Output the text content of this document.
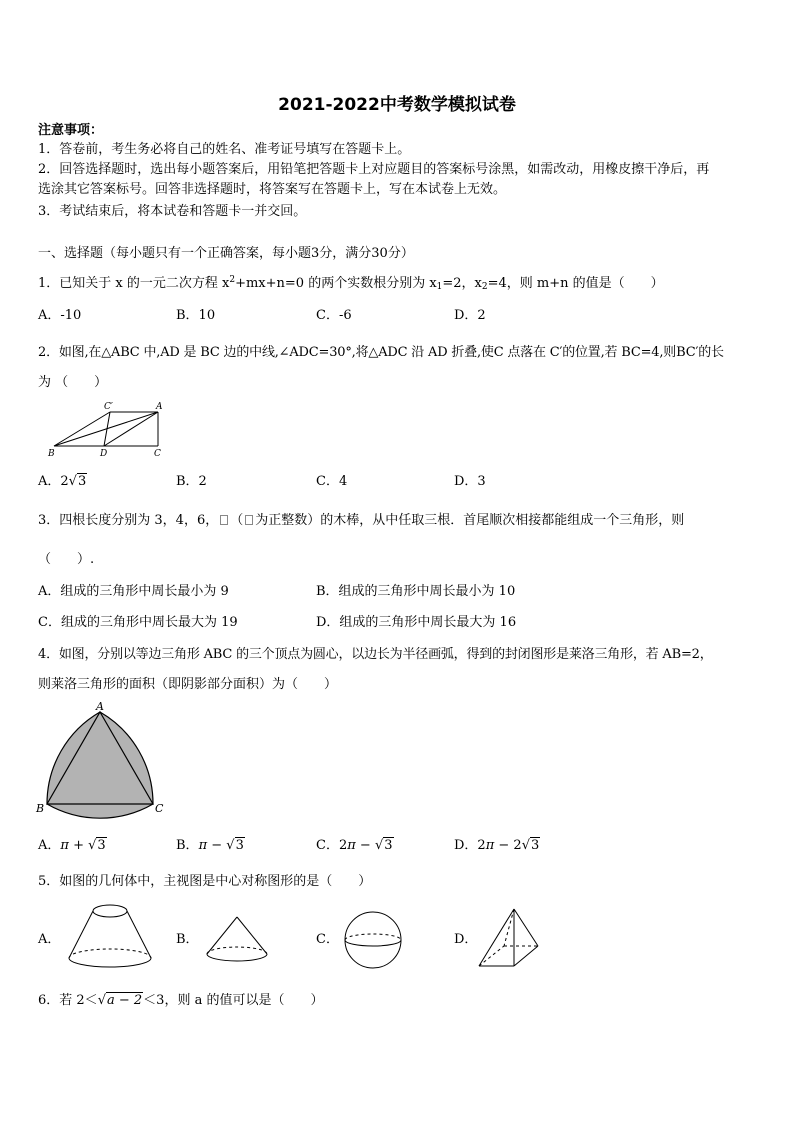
2021-2022中考数学模拟试卷
注意事项：
1．答卷前，考生务必将自己的姓名、准考证号填写在答题卡上。
2．回答选择题时，选出每小题答案后，用铅笔把答题卡上对应题目的答案标号涂黑，如需改动，用橡皮擦干净后，再
选涂其它答案标号。回答非选择题时，将答案写在答题卡上，写在本试卷上无效。
3．考试结束后，将本试卷和答题卡一并交回。
一、选择题（每小题只有一个正确答案，每小题3分，满分30分）
1．已知关于 x 的一元二次方程 $x^2+mx+n=0$ 的两个实数根分别为 $x_1=2$，$x_2=4$，则 m+n 的值是（　　）
A．-10	B．10	C．-6	D．2
2．如图,在△ABC 中,AD 是 BC 边的中线,∠ADC=30°,将△ADC 沿 AD 折叠,使C 点落在 C′的位置,若 BC=4,则BC′的长
为 （　　）
C′	A
B	D	C
A．2√3	B．2	C．4	D．3
3．四根长度分别为 3，4，6， （ 为正整数）的木棒，从中任取三根．首尾顺次相接都能组成一个三角形，则
（　　）.
A．组成的三角形中周长最小为 9	B．组成的三角形中周长最小为 10
C．组成的三角形中周长最大为 19	D．组成的三角形中周长最大为 16
4．如图，分别以等边三角形 ABC 的三个顶点为圆心，以边长为半径画弧，得到的封闭图形是莱洛三角形，若 AB=2，
则莱洛三角形的面积（即阴影部分面积）为（　　）
A
B	C
A．π + √3	B．π − √3	C．2π − √3	D．2π − 2√3
5．如图的几何体中，主视图是中心对称图形的是（　　）
A．	B．	C．	D．
6．若 2＜√a − 2＜3，则 a 的值可以是（　　）
